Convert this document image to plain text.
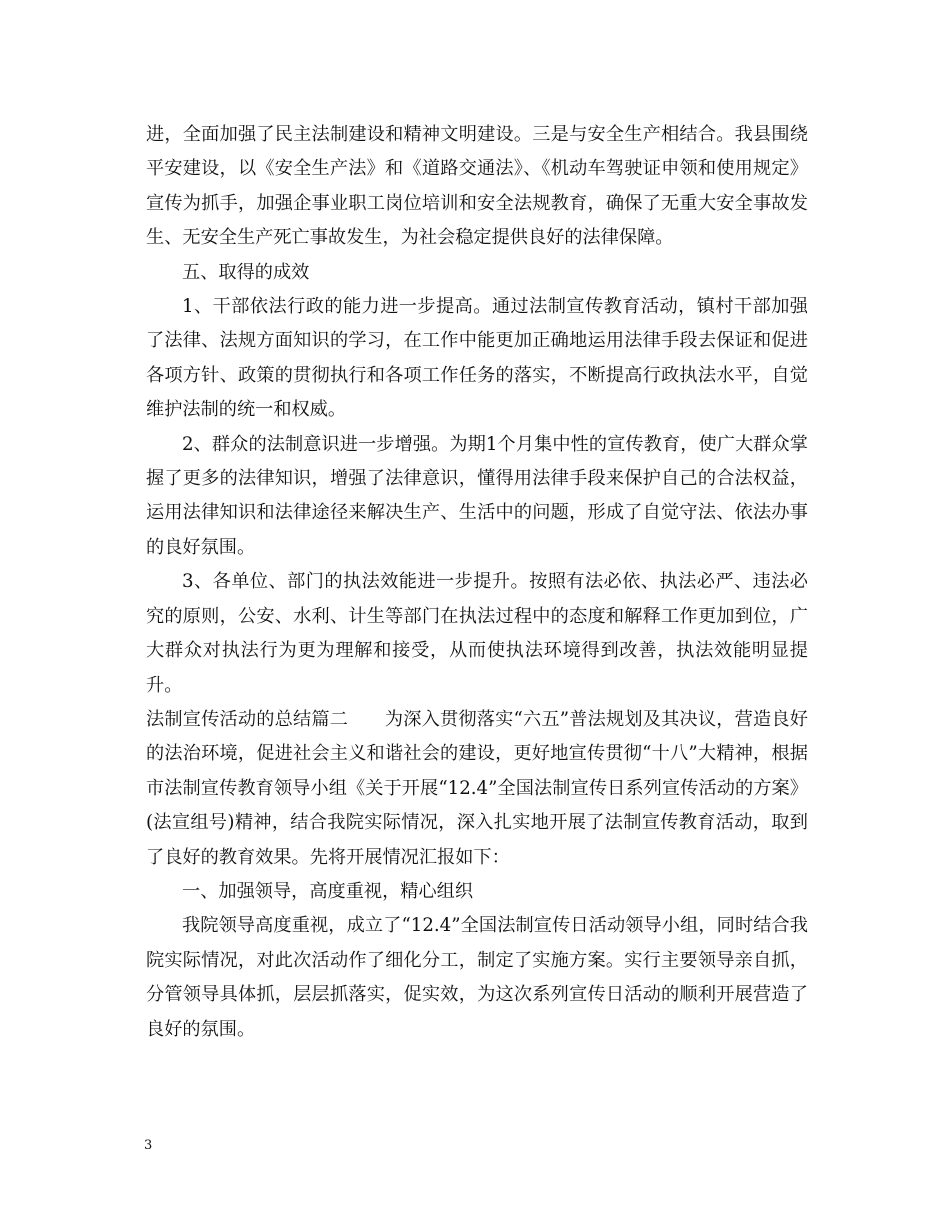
进，全面加强了民主法制建设和精神文明建设。三是与安全生产相结合。我县围绕平安建设，以《安全生产法》和《道路交通法》、《机动车驾驶证申领和使用规定》宣传为抓手，加强企事业职工岗位培训和安全法规教育，确保了无重大安全事故发生、无安全生产死亡事故发生，为社会稳定提供良好的法律保障。

五、取得的成效

1、干部依法行政的能力进一步提高。通过法制宣传教育活动，镇村干部加强了法律、法规方面知识的学习，在工作中能更加正确地运用法律手段去保证和促进各项方针、政策的贯彻执行和各项工作任务的落实，不断提高行政执法水平，自觉维护法制的统一和权威。

2、群众的法制意识进一步增强。为期1个月集中性的宣传教育，使广大群众掌握了更多的法律知识，增强了法律意识，懂得用法律手段来保护自己的合法权益，运用法律知识和法律途径来解决生产、生活中的问题，形成了自觉守法、依法办事的良好氛围。

3、各单位、部门的执法效能进一步提升。按照有法必依、执法必严、违法必究的原则，公安、水利、计生等部门在执法过程中的态度和解释工作更加到位，广大群众对执法行为更为理解和接受，从而使执法环境得到改善，执法效能明显提升。

法制宣传活动的总结篇二　　为深入贯彻落实“六五”普法规划及其决议，营造良好的法治环境，促进社会主义和谐社会的建设，更好地宣传贯彻“十八”大精神，根据市法制宣传教育领导小组《关于开展“12.4”全国法制宣传日系列宣传活动的方案》(法宣组号)精神，结合我院实际情况，深入扎实地开展了法制宣传教育活动，取到了良好的教育效果。先将开展情况汇报如下：

一、加强领导，高度重视，精心组织

我院领导高度重视，成立了“12.4”全国法制宣传日活动领导小组，同时结合我院实际情况，对此次活动作了细化分工，制定了实施方案。实行主要领导亲自抓，分管领导具体抓，层层抓落实，促实效，为这次系列宣传日活动的顺利开展营造了良好的氛围。

3
